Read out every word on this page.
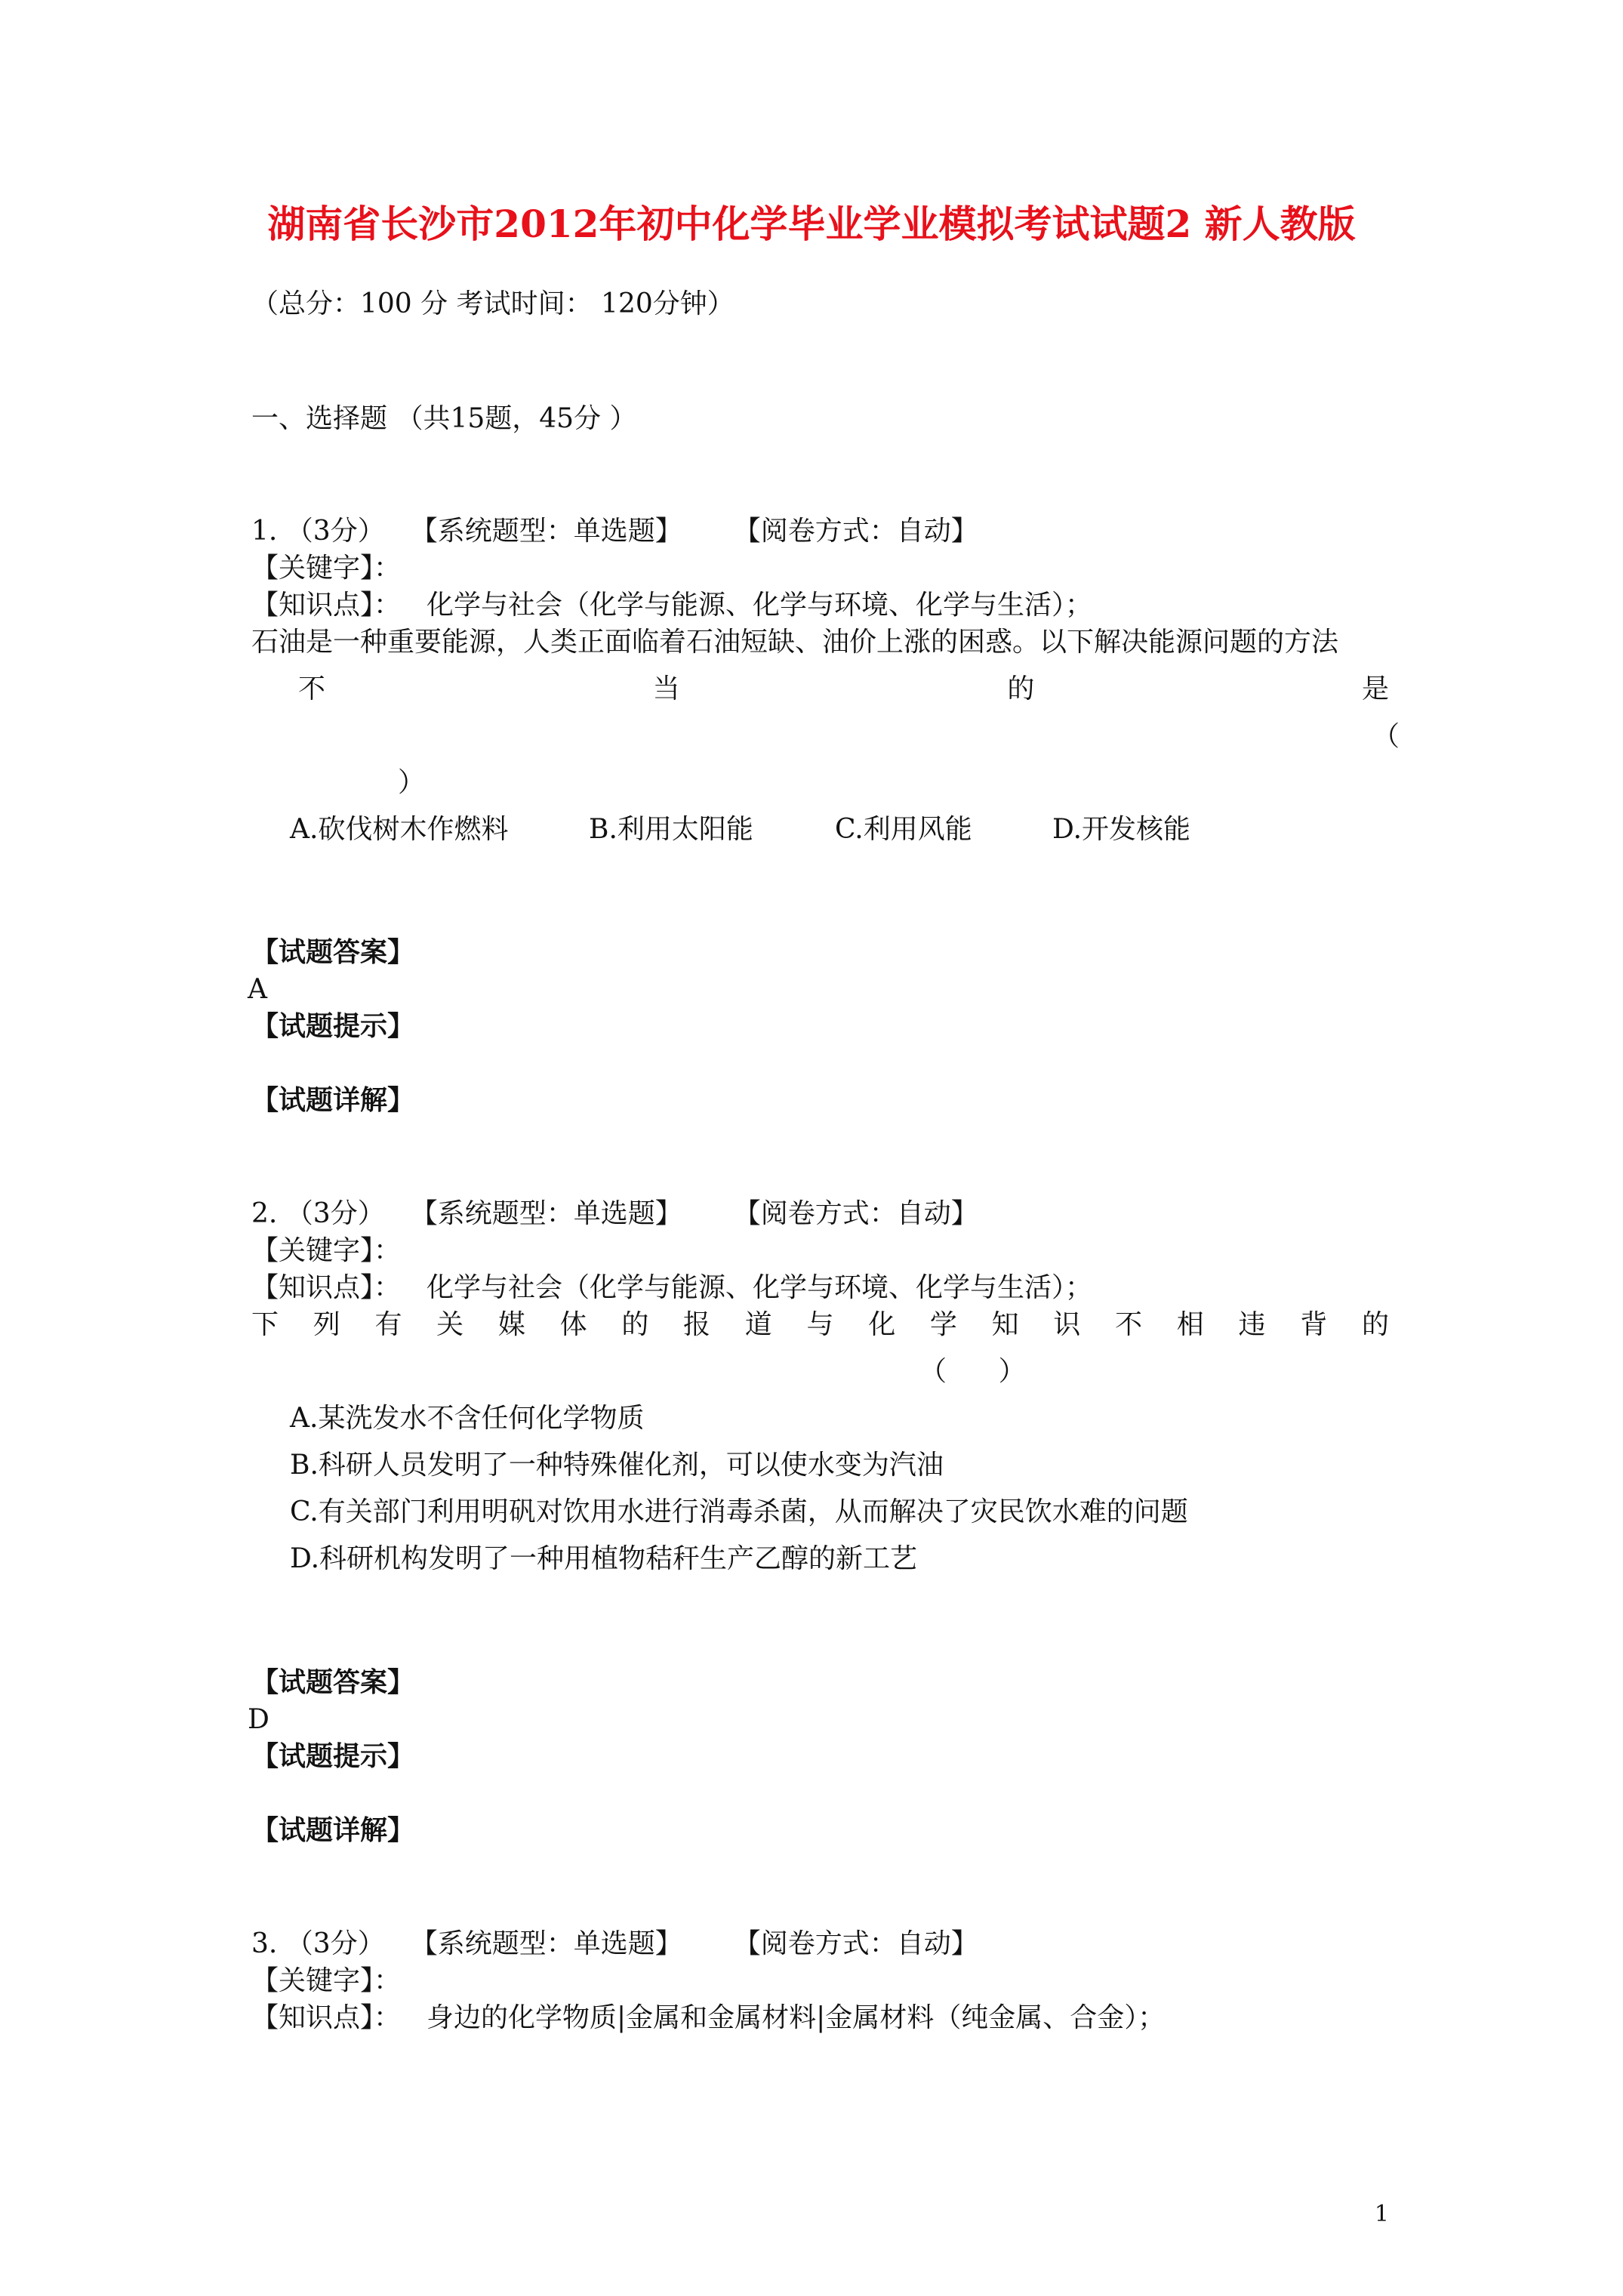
湖南省长沙市2012年初中化学毕业学业模拟考试试题2 新人教版
（总分：100 分 考试时间： 120分钟）
一、选择题 （共15题，45分 ）
1. （3分） 【系统题型：单选题】 【阅卷方式：自动】
【关键字】：
【知识点】： 化学与社会（化学与能源、化学与环境、化学与生活）；
石油是一种重要能源，人类正面临着石油短缺、油价上涨的困惑。以下解决能源问题的方法
不	当	的	是
（
）
A.砍伐树木作燃料	B.利用太阳能	C.利用风能	D.开发核能
【试题答案】
A
【试题提示】
【试题详解】
2. （3分） 【系统题型：单选题】 【阅卷方式：自动】
【关键字】：
【知识点】： 化学与社会（化学与能源、化学与环境、化学与生活）；
下 列 有 关 媒 体 的 报 道 与 化 学 知 识 不 相 违 背 的
（      ）
A.某洗发水不含任何化学物质
B.科研人员发明了一种特殊催化剂，可以使水变为汽油
C.有关部门利用明矾对饮用水进行消毒杀菌，从而解决了灾民饮水难的问题
D.科研机构发明了一种用植物秸秆生产乙醇的新工艺
【试题答案】
D
【试题提示】
【试题详解】
3. （3分） 【系统题型：单选题】 【阅卷方式：自动】
【关键字】：
【知识点】： 身边的化学物质|金属和金属材料|金属材料（纯金属、合金）；
1
